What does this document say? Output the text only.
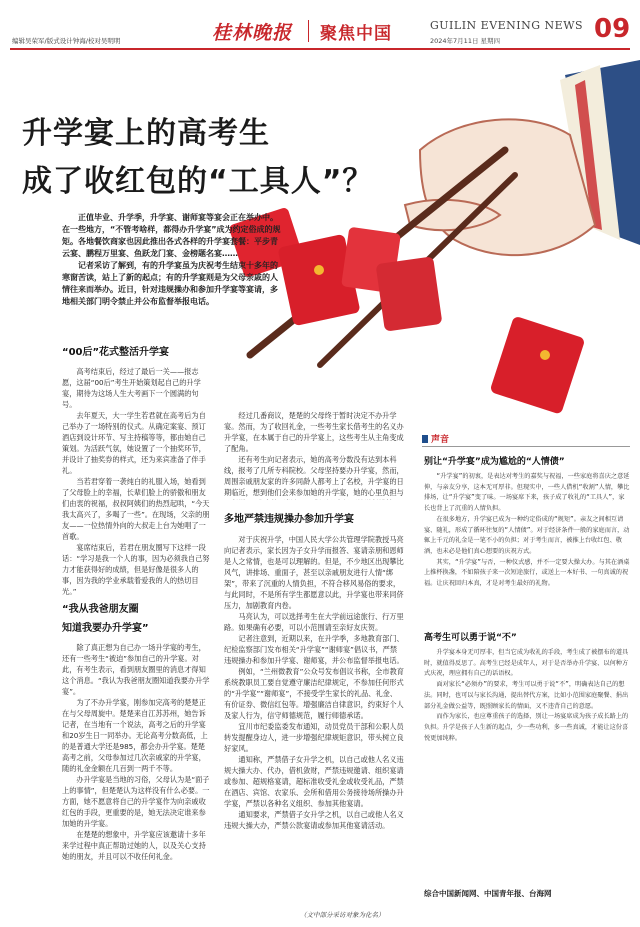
编辑吴荣军/版式设计钟海/校对吴明明	桂林晚报 聚焦中国	GUILIN EVENING NEWS
2024年7月11日 星期四	09
升学宴上的高考生
成了收红包的“工具人”？

正值毕业、升学季，升学宴、谢师宴等宴会正在举办中。在一些地方，“不管考啥样，都得办升学宴”成为约定俗成的规矩。各地餐饮商家也因此推出各式各样的升学宴套餐：平步青云宴、鹏程万里宴、鱼跃龙门宴、金榜题名宴……

记者采访了解到，有的升学宴虽为庆祝考生结束十多年的寒窗苦读，站上了新的起点；有的升学宴则是为父母亲戚的人情往来而举办。近日，针对违规操办和参加升学宴等宴请，多地相关部门明令禁止并公布监督举报电话。

“00后”花式整活升学宴

高考结束后，经过了最后一关——报志愿，这届“00后”考生开始策划起自己的升学宴，期待为这场人生大考画下一个圆满的句号。

去年夏天，大一学生若君就在高考后为自己举办了一场特别的仪式。从确定案宴、预订酒店到设计环节、写主持稿等等，都由她自己策划。为活跃气氛，她设置了一个抽奖环节，并设计了抽奖券的样式，还为来宾准备了伴手礼。

当若君穿着一袭纯白的礼服入场，她看到了父母脸上的幸福，长辈们脸上的骄傲和朋友们由衷的祝福，叔叔阿姨们的热烈起哄，“今天我太高兴了，多喝了一些”。在现场，父亲的朋友——一位热情外向的大叔走上台为她唱了一首歌。

宴席结束后，若君在朋友圈写下这样一段话：“学习是我一个人的事，因为必须我自己努力才能获得好的成绩，但是好像是很多人的事，因为我的学业承载着爱我的人的热切目光。”

“我从我爸朋友圈
知道我要办升学宴”

除了真正想为自己办一场升学宴的考生，还有一些考生“被迫”参加自己的升学宴。对此，有考生表示，看到朋友圈里的消息才得知这个消息。“我认为我爸朋友圈知道我要办升学宴”。

为了不办升学宴，刚参加完高考的楚楚正在与父母周旋中。楚楚来自江苏苏州，她告诉记者，在当地有一个说法，高考之后的升学宴和20岁生日一同举办。无论高考分数高低，上的是普通大学还是985，都会办升学宴。楚楚高考之前，父母参加过几次亲戚家的升学宴，随的礼金金额在几百到一两千不等。

办升学宴是当地的习俗，父母认为是“面子上的事情”，但楚楚认为这样没有什么必要。一方面，她不愿意将自己的升学宴作为向亲戚收红包的手段，更重要的是，她无法决定谁来参加她的升学宴。

在楚楚的想象中，升学宴应该邀请十多年来学过程中真正帮助过她的人，以及关心支持她的朋友，并且可以不收任何礼金。

经过几番商议，楚楚的父母终于暂时决定不办升学宴。然而，为了收回礼金，一些考生家长借考生的名义办升学宴，在本属于自己的升学宴上，这些考生从主角变成了配角。

还有考生向记者表示，她的高考分数没有达到本科线，报考了几所专科院校。父母坚持要办升学宴，然而，周围亲戚朋友家的许多同龄人都考上了名校，升学宴的日期临近，想到他们会来参加她的升学宴，她的心里负担与

多地严禁违规操办参加升学宴

对于庆祝升学，中国人民大学公共管理学院教授马亮向记者表示，家长因为子女升学而报答、宴请亲朋和恩师是人之常情，也是可以理解的。但是，不少地区出现攀比风气，讲排场、重面子，甚至以亲戚朋友进行人情“绑架”，带来了沉重的人情负担，不符合移风易俗的要求，与此同时，不是所有学生都愿意以此，升学宴也带来同侪压力，加剧教育内卷。

马亮认为，可以选择考生在大学前远途旅行、行万里路。如果确有必要，可以小范围请至亲好友庆贺。

记者注意到，近期以来，在升学季，多地教育部门、纪检监察部门发布相关“升学宴”“谢师宴”倡议书，严禁违规操办和参加升学宴、谢师宴，并公布监督举报电话。

例如，“兰州微教育”公众号发布倡议书称，全市教育系统教职员工要自觉遵守廉洁纪律规定，不参加任何形式的“升学宴”“谢师宴”，不接受学生家长的礼品、礼金、有价证券、微信红包等。增强廉洁自律意识，约束好个人及家人行为，信守师德规范，履行师德承诺。

宜川市纪委监委发布通知，动员党员干部和公职人员转发提醒身边人，进一步增强纪律规矩意识，带头树立良好家风。

通知称，严禁借子女升学之机，以自己或他人名义违规大操大办、代办，借机敛财，严禁违规邀请、组织宴请或参加、超规格宴请，超标准收受礼金或收受礼品，严禁在酒店、宾馆、农家乐、会所和借用公务接待场所操办升学宴，严禁以各种名义组织、参加其他宴请。

通知要求，严禁借子女升学之机，以自己或他人名义违规大操大办，严禁公款宴请或参加其他宴请活动。

（文中部分采访对象为化名）
声音
别让“升学宴”成为尴尬的“人情债”

“升学宴”的初衷，是表达对考生的嘉奖与祝福，一些家庭将喜庆之意延伸，与亲友分享，这本无可厚非。但现实中，一些人借机“收割”人情，攀比排场，让“升学宴”变了味。一场宴席下来，孩子成了收礼的“工具人”，家长也背上了沉重的人情负担。

在很多地方，升学宴已成为一种约定俗成的“规矩”。亲友之间相互请宴、随礼，形成了循环往复的“人情债”。对于经济条件一般的家庭而言，动辄上千元的礼金是一笔不小的负担；对于考生而言，被推上台收红包、敬酒，也未必是他们真心想要的庆祝方式。

其实，“升学宴”与否，一种仪式感，并不一定要大操大办。与其在酒桌上推杯换盏，不如陪孩子来一次短途旅行，或送上一本好书、一句真诚的祝福。让庆祝回归本真，才是对考生最好的礼物。

高考生可以勇于说“不”

升学宴本身无可厚非，但当它成为收礼的手段，考生成了被摆布的道具时，就值得反思了。高考生已经是成年人，对于是否举办升学宴、以何种方式庆祝，理应拥有自己的话语权。

面对家长“必须办”的要求，考生可以勇于说“不”，明确表达自己的想法。同时，也可以与家长沟通，提出替代方案，比如小范围家庭聚餐、捐出部分礼金做公益等，既照顾家长的情面，又不违背自己的意愿。

而作为家长，也应尊重孩子的选择，别让一场宴席成为孩子成长路上的负担。升学是孩子人生新的起点，少一些功利，多一些真诚，才能让这份喜悦更加纯粹。

综合中国新闻网、中国青年报、台海网
